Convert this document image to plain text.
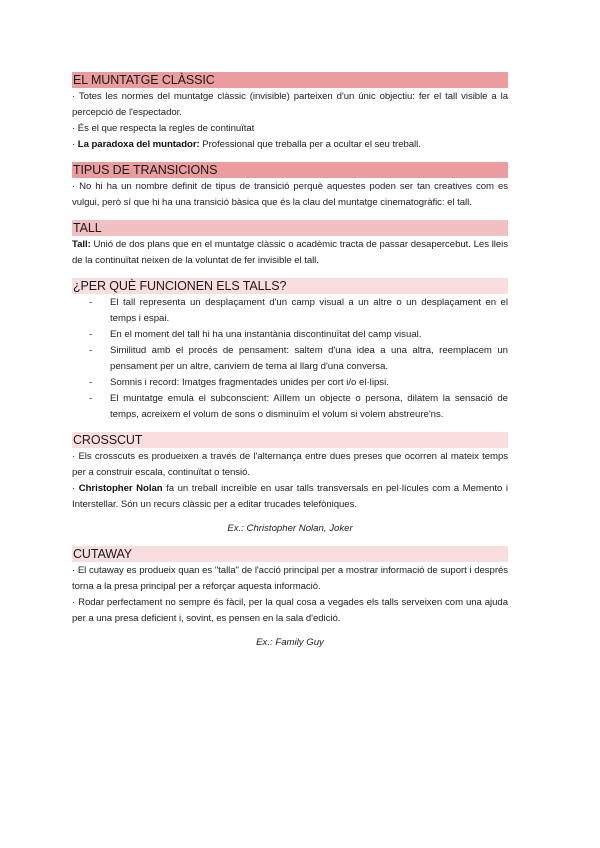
EL MUNTATGE CLÀSSIC

· Totes les normes del muntatge clàssic (invisible) parteixen d'un únic objectiu: fer el tall visible a la percepció de l'espectador.

· És el que respecta la regles de continuïtat

· La paradoxa del muntador: Professional que treballa per a ocultar el seu treball.

TIPUS DE TRANSICIONS

· No hi ha un nombre definit de tipus de transició perquè aquestes poden ser tan creatives com es vulgui, però sí que hi ha una transició bàsica que és la clau del muntatge cinematogràfic: el tall.

TALL

Tall: Unió de dos plans que en el muntatge clàssic o acadèmic tracta de passar desapercebut. Les lleis de la continuïtat neixen de la voluntat de fer invisible el tall.

¿PER QUÈ FUNCIONEN ELS TALLS?
- El tall representa un desplaçament d'un camp visual a un altre o un desplaçament en el temps i espai.
- En el moment del tall hi ha una instantània discontinuïtat del camp visual.
- Similitud amb el procés de pensament: saltem d'una idea a una altra, reemplacem un pensament per un altre, canviem de tema al llarg d'una conversa.
- Somnis i record: Imatges fragmentades unides per cort i/o el·lipsi.
- El muntatge emula el subconscient: Aïllem un objecte o persona, dilatem la sensació de temps, acreixem el volum de sons o disminuïm el volum si volem abstreure'ns.
CROSSCUT

· Els crosscuts es produeixen a través de l'alternança entre dues preses que ocorren al mateix temps per a construir escala, continuïtat o tensió.

· Christopher Nolan fa un treball increïble en usar talls transversals en pel·lícules com a Memento i Interstellar. Són un recurs clàssic per a editar trucades telefòniques.

Ex.: Christopher Nolan, Joker
CUTAWAY

· El cutaway es produeix quan es "talla" de l'acció principal per a mostrar informació de suport i després torna a la presa principal per a reforçar aquesta informació.

· Rodar perfectament no sempre és fàcil, per la qual cosa a vegades els talls serveixen com una ajuda per a una presa deficient i, sovint, es pensen en la sala d'edició.

Ex.: Family Guy
